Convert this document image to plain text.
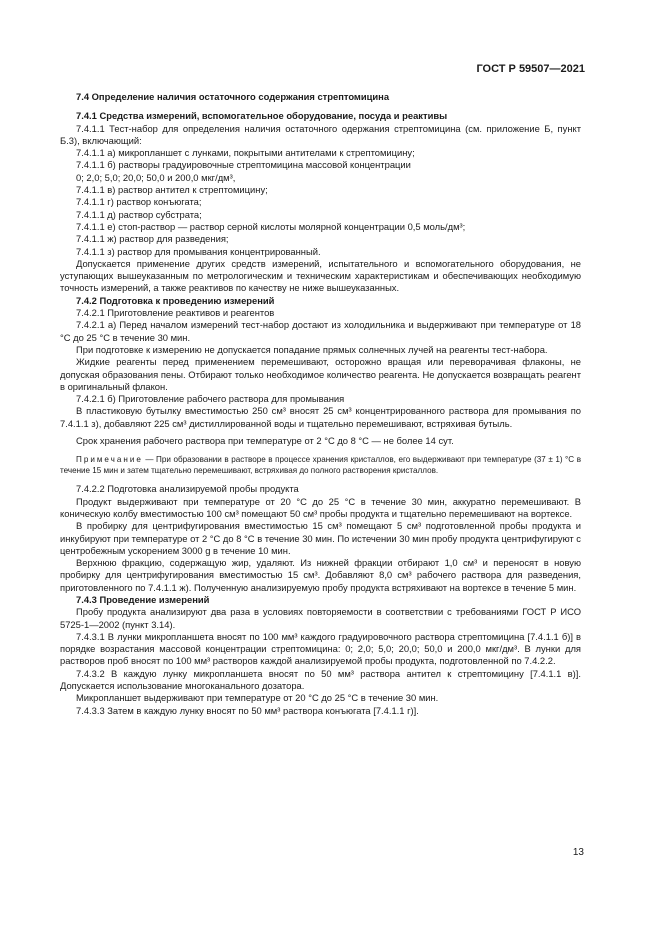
ГОСТ Р 59507—2021
7.4 Определение наличия остаточного содержания стрептомицина
7.4.1 Средства измерений, вспомогательное оборудование, посуда и реактивы
7.4.1.1 Тест-набор для определения наличия остаточного одержания стрептомицина (см. приложение Б, пункт Б.3), включающий:
7.4.1.1 а) микропланшет с лунками, покрытыми антителами к стрептомицину;
7.4.1.1 б) растворы градуировочные стрептомицина массовой концентрации
0; 2,0; 5,0; 20,0; 50,0 и 200,0 мкг/дм³,
7.4.1.1 в) раствор антител к стрептомицину;
7.4.1.1 г) раствор конъюгата;
7.4.1.1 д) раствор субстрата;
7.4.1.1 е) стоп-раствор — раствор серной кислоты молярной концентрации 0,5 моль/дм³;
7.4.1.1 ж) раствор для разведения;
7.4.1.1 з) раствор для промывания концентрированный.
Допускается применение других средств измерений, испытательного и вспомогательного оборудования, не уступающих вышеуказанным по метрологическим и техническим характеристикам и обеспечивающих необходимую точность измерений, а также реактивов по качеству не ниже вышеуказанных.
7.4.2 Подготовка к проведению измерений
7.4.2.1 Приготовление реактивов и реагентов
7.4.2.1 а) Перед началом измерений тест-набор достают из холодильника и выдерживают при температуре от 18 °С до 25 °С в течение 30 мин.
При подготовке к измерению не допускается попадание прямых солнечных лучей на реагенты тест-набора.
Жидкие реагенты перед применением перемешивают, осторожно вращая или переворачивая флаконы, не допуская образования пены. Отбирают только необходимое количество реагента. Не допускается возвращать реагент в оригинальный флакон.
7.4.2.1 б) Приготовление рабочего раствора для промывания
В пластиковую бутылку вместимостью 250 см³ вносят 25 см³ концентрированного раствора для промывания по 7.4.1.1 з), добавляют 225 см³ дистиллированной воды и тщательно перемешивают, встряхивая бутыль.
Срок хранения рабочего раствора при температуре от 2 °С до 8 °С — не более 14 сут.
Примечание — При образовании в растворе в процессе хранения кристаллов, его выдерживают при температуре (37 ± 1) °С в течение 15 мин и затем тщательно перемешивают, встряхивая до полного растворения кристаллов.
7.4.2.2 Подготовка анализируемой пробы продукта
Продукт выдерживают при температуре от 20 °С до 25 °С в течение 30 мин, аккуратно перемешивают. В коническую колбу вместимостью 100 см³ помещают 50 см³ пробы продукта и тщательно перемешивают на вортексе.
В пробирку для центрифугирования вместимостью 15 см³ помещают 5 см³ подготовленной пробы продукта и инкубируют при температуре от 2 °С до 8 °С в течение 30 мин. По истечении 30 мин пробу продукта центрифугируют с центробежным ускорением 3000 g в течение 10 мин.
Верхнюю фракцию, содержащую жир, удаляют. Из нижней фракции отбирают 1,0 см³ и переносят в новую пробирку для центрифугирования вместимостью 15 см³. Добавляют 8,0 см³ рабочего раствора для разведения, приготовленного по 7.4.1.1 ж). Полученную анализируемую пробу продукта встряхивают на вортексе в течение 5 мин.
7.4.3 Проведение измерений
Пробу продукта анализируют два раза в условиях повторяемости в соответствии с требованиями ГОСТ Р ИСО 5725-1—2002 (пункт 3.14).
7.4.3.1 В лунки микропланшета вносят по 100 мм³ каждого градуировочного раствора стрептомицина [7.4.1.1 б)] в порядке возрастания массовой концентрации стрептомицина: 0; 2,0; 5,0; 20,0; 50,0 и 200,0 мкг/дм³. В лунки для растворов проб вносят по 100 мм³ растворов каждой анализируемой пробы продукта, подготовленной по 7.4.2.2.
7.4.3.2 В каждую лунку микропланшета вносят по 50 мм³ раствора антител к стрептомицину [7.4.1.1 в)]. Допускается использование многоканального дозатора.
Микропланшет выдерживают при температуре от 20 °С до 25 °С в течение 30 мин.
7.4.3.3 Затем в каждую лунку вносят по 50 мм³ раствора конъюгата [7.4.1.1 г)].
13
